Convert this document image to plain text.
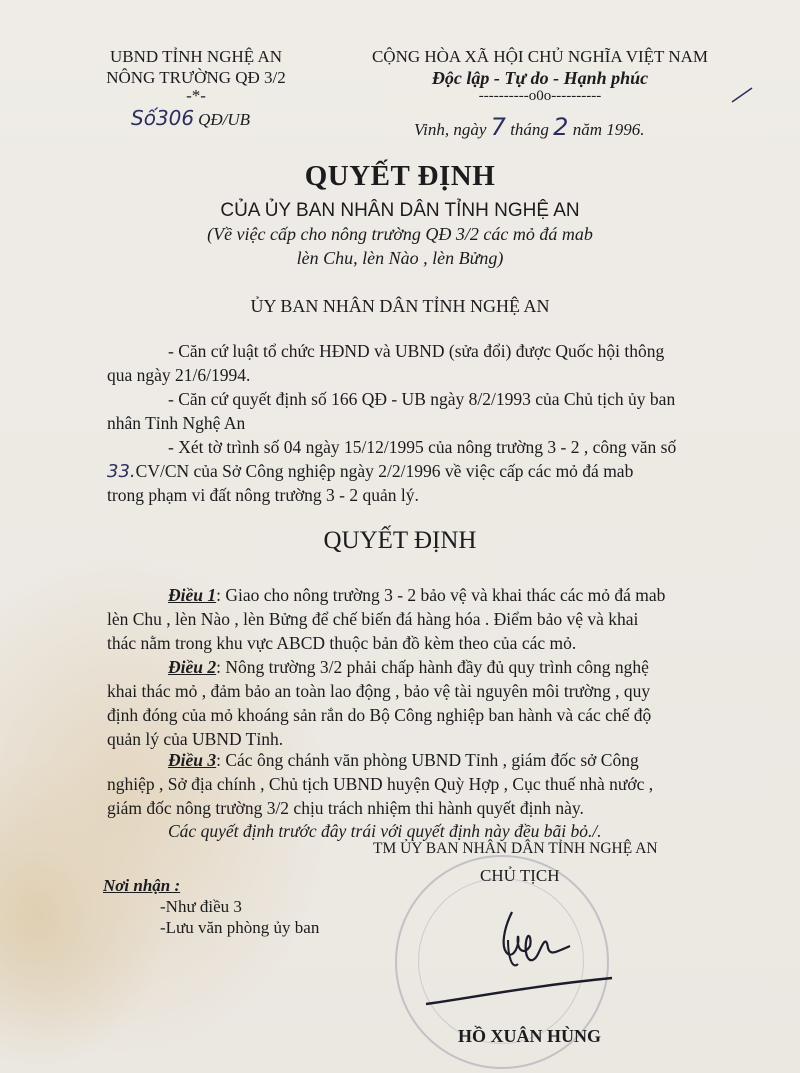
UBND TỈNH NGHỆ AN
NÔNG TRƯỜNG QĐ 3/2
-*-
Số306 QĐ/UB
CỘNG HÒA XÃ HỘI CHỦ NGHĨA VIỆT NAM
Độc lập - Tự do - Hạnh phúc
----------o0o----------
Vinh, ngày 7 tháng 2 năm 1996.
QUYẾT ĐỊNH
CỦA ỦY BAN NHÂN DÂN TỈNH NGHỆ AN
(Về việc cấp cho nông trường QĐ 3/2 các mỏ đá mab
lèn Chu, lèn Nào , lèn Bửng)
ỦY BAN NHÂN DÂN TỈNH NGHỆ AN
- Căn cứ luật tổ chức HĐND và UBND (sửa đổi) được Quốc hội thông
qua ngày 21/6/1994.
- Căn cứ quyết định số 166 QĐ - UB ngày 8/2/1993 của Chủ tịch ủy ban
nhân Tỉnh Nghệ An
- Xét tờ trình số 04 ngày 15/12/1995 của nông trường 3 - 2 , công văn số
33.CV/CN của Sở Công nghiệp ngày 2/2/1996 về việc cấp các mỏ đá mab
trong phạm vi đất nông trường 3 - 2 quản lý.
QUYẾT ĐỊNH
Điều 1: Giao cho nông trường 3 - 2 bảo vệ và khai thác các mỏ đá mab
lèn Chu , lèn Nào , lèn Bửng để chế biến đá hàng hóa . Điểm bảo vệ và khai
thác nằm trong khu vực ABCD thuộc bản đồ kèm theo của các mỏ.
Điều 2: Nông trường 3/2 phải chấp hành đầy đủ quy trình công nghệ
khai thác mỏ , đảm bảo an toàn lao động , bảo vệ tài nguyên môi trường , quy
định đóng của mỏ khoáng sản rắn do Bộ Công nghiệp ban hành và các chế độ
quản lý của UBND Tỉnh.
Điều 3: Các ông chánh văn phòng UBND Tỉnh , giám đốc sở Công
nghiệp , Sở địa chính , Chủ tịch UBND huyện Quỳ Hợp , Cục thuế nhà nước ,
giám đốc nông trường 3/2 chịu trách nhiệm thi hành quyết định này.
Các quyết định trước đây trái với quyết định này đều bãi bỏ./.
TM ỦY BAN NHÂN DÂN TỈNH NGHỆ AN
CHỦ TỊCH
HỒ XUÂN HÙNG
Nơi nhận :
-Như điều 3
-Lưu văn phòng ủy ban
